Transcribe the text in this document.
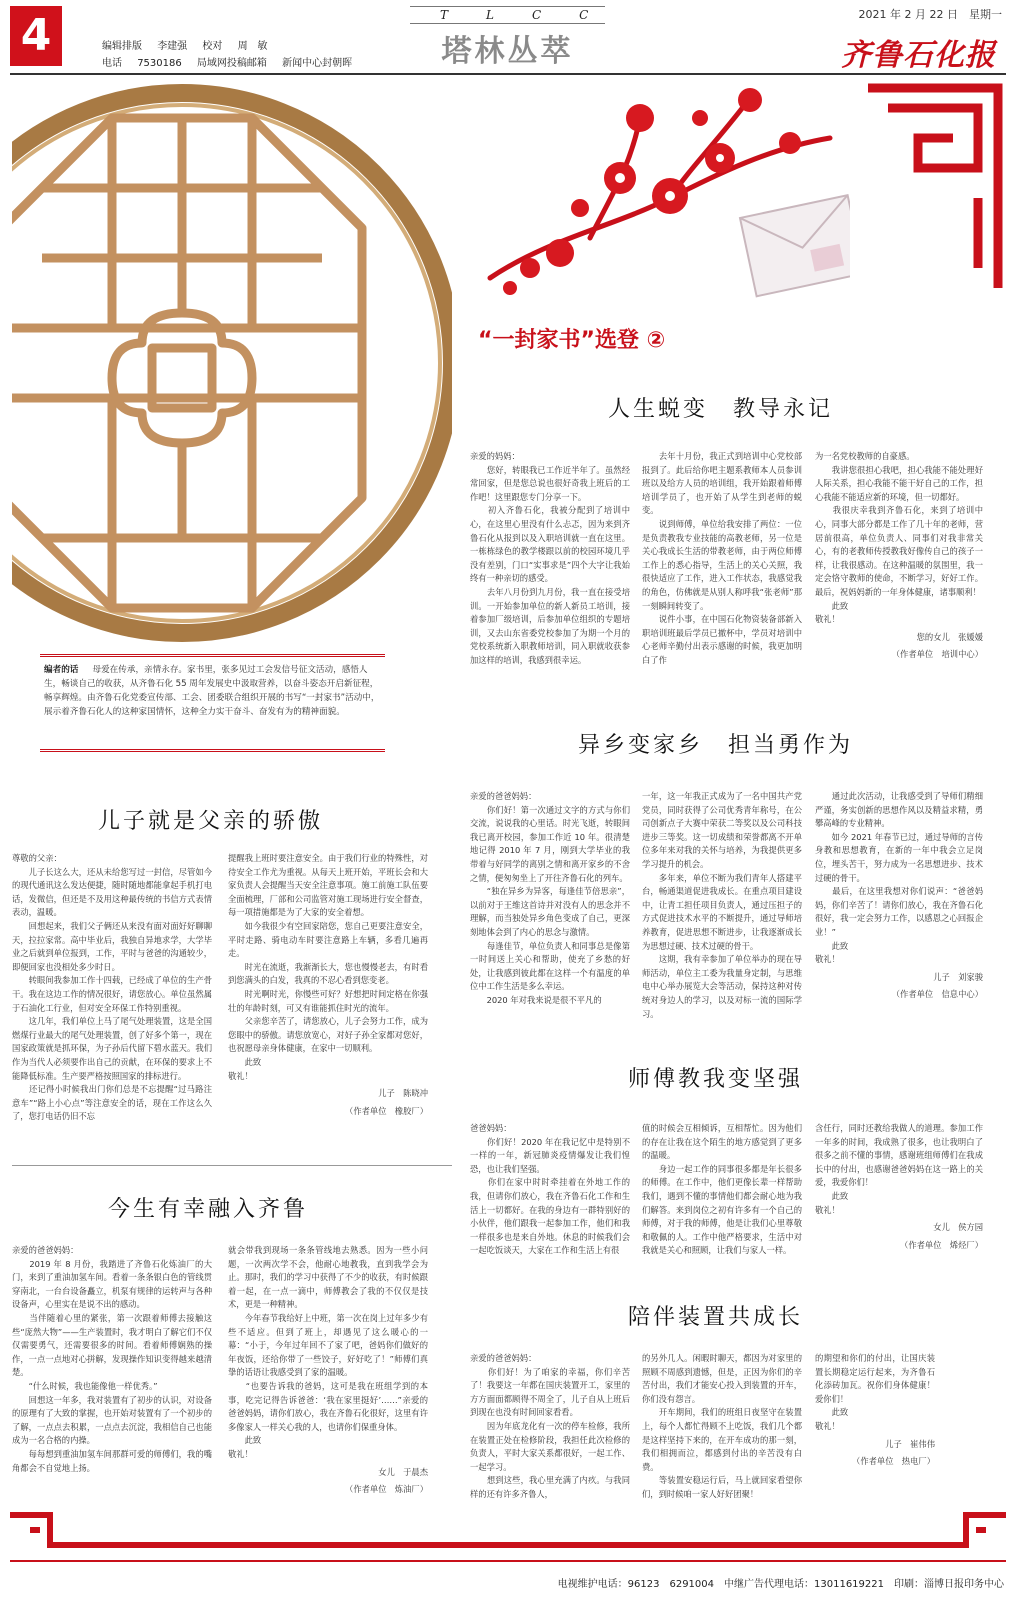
4	编辑排版 李建强 校对 周　敏
电话 7530186 局域网投稿邮箱 新闻中心封朝晖
TLCC
塔林丛萃
2021 年 2 月 22 日　星期一
齐鲁石化报
“一封家书”选登 ②
编者的话 　 母爱在传承，亲情永存。家书里，张多见过工会发信号征文活动，感悟人生，畅谈自己的收获，从齐鲁石化 55 周年发展史中汲取营养，以奋斗姿态开启新征程，畅享辉煌。由齐鲁石化党委宣传部、工会、团委联合组织开展的书写“一封家书”活动中，展示着齐鲁石化人的这种家国情怀，这种全力实干奋斗、奋发有为的精神面貌。
人生蜕变　教导永记

亲爱的妈妈：

　　您好，转眼我已工作近半年了。虽然经常回家，但是您总说也很好奇我上班后的工作吧！这里跟您专门分享一下。

　　初入齐鲁石化，我被分配到了培训中心，在这里心里没有什么忐忑，因为来到齐鲁石化从报到以及入职培训就一直在这里。一栋栋绿色的教学楼跟以前的校园环境几乎没有差别，门口“实事求是”四个大字让我始终有一种亲切的感受。

　　去年八月份到九月份，我一直在接受培训。一开始参加单位的新人新员工培训，接着参加厂级培训，后参加单位组织的专题培训，又去山东省委党校参加了为期一个月的党校系统新入职教师培训，同入职就收获参加这样的培训，我感到很幸运。

　　去年十月份，我正式到培训中心党校部报到了。此后给你吧主题系教师本人员参训班以及给方人员的培训组，我开始跟着师傅培训学员了，也开始了从学生到老师的蜕变。

　　说到师傅，单位给我安排了两位：一位是负责教我专业技能的高教老师，另一位是关心我成长生活的带教老师，由于两位师傅工作上的悉心指导，生活上的关心关照，我很快适应了工作，进入工作状态，我感觉我的角色，仿佛就是从别人称呼我“张老师”那一刻瞬间转变了。

　　说件小事，在中国石化物资装备部新入职培训班最后学员已撤杯中，学员对培训中心老师辛勤付出表示感谢的时候，我更加明白了作

为一名党校教师的自豪感。

　　我讲您很担心我吧，担心我能不能处理好人际关系，担心我能不能干好自己的工作，担心我能不能适应新的环境，但一切都好。

　　我很庆幸我到齐鲁石化，来到了培训中心，同事大部分都是工作了几十年的老师，营居前很高，单位负责人、同事们对我非常关心，有的老教师传授教我好像传自己的孩子一样，让我很感动。在这种温暖的氛围里，我一定会恪守教师的使命，不断学习，好好工作。最后，祝妈妈新的一年身体健康，诸事顺利！

　　此致

敬礼！

您的女儿　张媛媛

（作者单位　培训中心）

异乡变家乡　担当勇作为

亲爱的爸爸妈妈：

　　你们好！第一次通过文字的方式与你们交流，说说我的心里话。时光飞逝，转眼间我已离开校园，参加工作近 10 年。很清楚地记得 2010 年 7 月，刚到大学毕业的我带着与好同学的离别之情和离开家乡的不舍之情，便匆匆坐上了开往齐鲁石化的列车。

　　“独在异乡为异客，每逢佳节倍思亲”，以前对于王维这首诗并对没有人的思念并不理解，而当独处异乡角色变成了自己，更深刻地体会到了内心的思念与激情。

　　每逢佳节，单位负责人和同事总是像第一时间送上关心和帮助，使充了乡愁的好处，让我感到彼此都在这样一个有温度的单位中工作生活是多么幸运。

　　2020 年对我来说是很不平凡的

一年，这一年我正式成为了一名中国共产党党员，同时获得了公司优秀青年称号，在公司创新点子大赛中荣获二等奖以及公司科技进步三等奖。这一切成绩和荣誉都离不开单位多年来对我的关怀与培养，为我提供更多学习提升的机会。

　　多年来，单位不断为我们青年人搭建平台，畅通渠道促进我成长。在重点项目建设中，让青工担任项目负责人，通过压担子的方式促进技术水平的不断提升，通过导师培养教育，促进思想不断进步，让我逐渐成长为思想过硬、技术过硬的骨干。

　　这期，我有幸参加了单位举办的现在导师活动，单位主工委为我量身定制，与思维电中心举办展览大会等活动，保持这种对传统对身边人的学习，以及对标一流的国际学习。

　　通过此次活动，让我感受到了导师们精细严谨，务实创新的思想作风以及精益求精，勇攀高峰的专业精神。

　　如今 2021 年春节已过，通过导师的言传身教和思想教育，在新的一年中我会立足岗位，埋头苦干，努力成为一名思想进步、技术过硬的骨干。

　　最后，在这里我想对你们说声：“爸爸妈妈，你们辛苦了！请你们放心，我在齐鲁石化很好，我一定会努力工作，以感恩之心回报企业！”

　　此致

敬礼！

儿子　刘家骏

（作者单位　信息中心）

师傅教我变坚强

爸爸妈妈：

　　你们好！2020 年在我记忆中是特别不一样的一年，新冠肺炎疫情爆发让我们惶恐，也让我们坚强。

　　你们在家中时时牵挂着在外地工作的我，但请你们放心，我在齐鲁石化工作和生活上一切都好。在我的身边有一群特别好的小伙伴，他们跟我一起参加工作，他们和我一样很多也是来自外地。休息的时候我们会一起吃饭谈天，大家在工作和生活上有很

值的时候会互相倾诉，互相帮忙。因为他们的存在让我在这个陌生的地方感觉到了更多的温暖。

　　身边一起工作的同事很多都是年长很多的师傅。在工作中，他们更像长辈一样帮助我们，遇到不懂的事情他们都会耐心地为我们解答。来到岗位之初有许多有一个自己的师傅，对于我的师傅，他是让我们心里尊敬和敬佩的人。工作中他严格要求，生活中对我就是关心和照顾，让我们与家人一样。

含任行，同时还教给我做人的道理。参加工作一年多的时间，我成熟了很多，也让我明白了很多之前不懂的事情，感谢班组师傅们在我成长中的付出，也感谢爸爸妈妈在这一路上的关爱，我爱你们！

　　此致

敬礼！

女儿　侯方园

（作者单位　烯烃厂）

儿子就是父亲的骄傲

尊敬的父亲：

　　儿子长这么大，还从未给您写过一封信，尽管如今的现代通讯这么发达便捷，随时随地都能拿起手机打电话，发微信，但还是不及用这种最传统的书信方式表情表动，温暖。

　　回想起来，我们父子俩还从来没有面对面好好聊聊天，拉拉家常。高中毕业后，我独自异地求学，大学毕业之后就到单位报到，工作，平时与爸爸的沟通较少，即便回家也没相处多少时日。

　　转眼间我参加工作十四载，已经成了单位的生产骨干。我在这边工作的情况很好，请您放心。单位虽然属于石油化工行业，但对安全环保工作特别重视。

　　这几年，我们单位上马了尾气处理装置，这是全国燃煤行业最大的尾气处理装置，创了好多个第一，现在国家政策就是抓环保，为子孙后代留下碧水蓝天。我们作为当代人必须要作出自己的贡献，在环保的要求上不能降低标准。生产要严格按照国家的排标进行。

　　还记得小时候我出门你们总是不忘提醒“过马路注意车”“路上小心点”等注意安全的话，现在工作这么久了，您打电话仍旧不忘

提醒我上班时要注意安全。由于我们行业的特殊性，对待安全工作尤为重视。从每天上班开始，平班长会和大家负责人会提醒当天安全注意事项。施工前施工队伍要全面梳理，厂部和公司监管对施工现场进行安全督查，每一项措施都是为了大家的安全着想。

　　如今我很少有空回家陪您，您自己更要注意安全，平时走路、骑电动车时要注意路上车辆，多看几遍再走。

　　时光在流逝，我渐渐长大，您也慢慢老去，有时看到您满头的白发，我真的不忍心看到您变老。

　　时光啊时光，你慢些可好？好想把时间定格在你强壮的年龄时刻，可又有谁能抓住时光的流年。

　　父亲您辛苦了，请您放心，儿子会努力工作，成为您眼中的骄傲。请您放宽心，对好子孙全家都对您好，也祝愿母亲身体健康，在家中一切顺利。

　　此致

敬礼！

儿子　陈晓冲

（作者单位　橡胶厂）

今生有幸融入齐鲁

亲爱的爸爸妈妈：

　　2019 年 8 月份，我踏进了齐鲁石化炼油厂的大门，来到了重油加氢车间。看着一条条银白色的管线贯穿南北，一台台设备矗立，机泵有规律的运转声与各种设备声，心里实在是说不出的感动。

　　当伴随着心里的紧张，第一次跟着师傅去接触这些“庞然大物”——生产装置时，我才明白了解它们不仅仅需要勇气，还需要很多的时间。看着师傅娴熟的操作，一点一点地对心拼解，发现操作知识变得越来越清楚。

　　“什么时候，我也能像他一样优秀。”

　　回想这一年多，我对装置有了初步的认识，对设备的原理有了大致的掌握，也开始对装置有了一个初步的了解，一点点去积累，一点点去沉淀，我相信自己也能成为一名合格的内操。

　　每每想到重油加氢车间那群可爱的师傅们，我的嘴角都会不自觉地上扬。

就会带我到现场一条条管线地去熟悉。因为一些小问题，一次两次学不会，他耐心地教我，直到我学会为止。那时，我们的学习中获得了不少的收获，有时候跟着一起，在一点一滴中，师傅教会了我的不仅仅是技术，更是一种精神。

　　今年春节我给好上中班，第一次在岗上过年多少有些不适应。但到了班上，却遇见了这么暖心的一幕：“小于，今年过年回不了家了吧，爸妈你们做好的年夜饭，还给你带了一些饺子，好好吃了！”师傅们真挚的话语让我感受到了家的温暖。

　　“也要告诉我的爸妈，这可是我在班组学到的本事，吃完记得告诉爸爸：‘我在家里挺好’……”亲爱的爸爸妈妈，请你们放心，我在齐鲁石化很好，这里有许多像家人一样关心我的人，也请你们保重身体。

　　此致

敬礼！

女儿　于晨杰

（作者单位　炼油厂）

陪伴装置共成长

亲爱的爸爸妈妈：

　　你们好！为了咱家的幸福，你们辛苦了！我要这一年都在国庆装置开工，家里的方方面面都顾得不周全了，儿子自从上班后到现在也没有时间回家看看。

　　因为年底龙化有一次的停车检修，我所在装置正处在检修阶段，我担任此次检修的负责人，平时大家关系都很好，一起工作、一起学习。

　　想到这些，我心里充满了内疚。与我同样的还有许多齐鲁人，

的另外几人。闲暇时聊天，都因为对家里的照顾不周感到遗憾，但是，正因为你们的辛苦付出，我们才能安心投入到装置的开车，你们没有怨言。

　　开车期间，我们的班组日夜坚守在装置上，每个人都忙得顾不上吃饭，我们几个都是这样坚持下来的，在开车成功的那一刻，我们相拥而泣，都感到付出的辛苦没有白费。

　　等装置安稳运行后，马上就回家看望你们，到时候咱一家人好好团聚！

的期望和你们的付出，让国庆装置长期稳定运行起来，为齐鲁石化添砖加瓦。祝你们身体健康！爱你们！

　　此致

敬礼！

儿子　崔伟伟

（作者单位　热电厂）

电视维护电话：96123　6291004　中继广告代理电话：13011619221　印刷：淄博日报印务中心
